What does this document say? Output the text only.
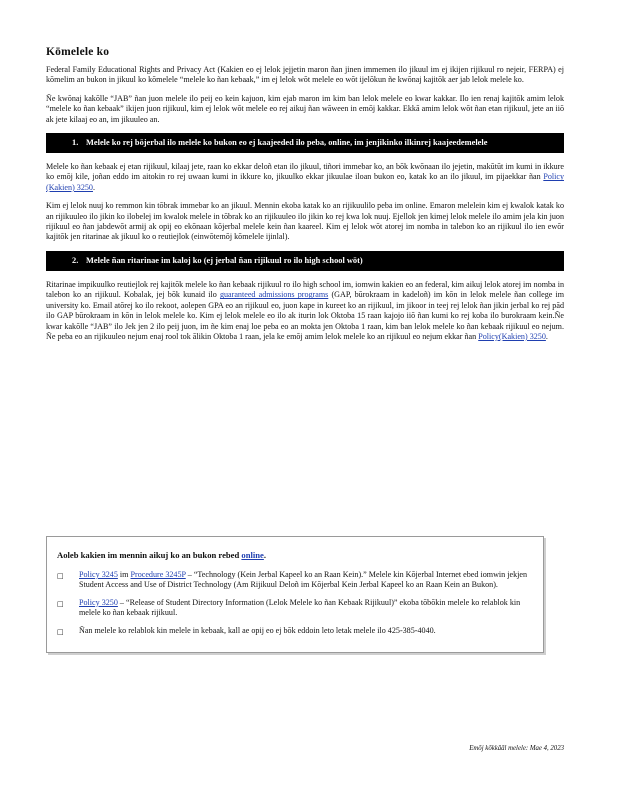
Kōmelele ko

Federal Family Educational Rights and Privacy Act (Kakien eo ej lelok jejjetin maron ñan jinen immemen ilo jikuul im ej ikijen rijikuul ro nejeir, FERPA) ej kōmelim an bukon in jikuul ko kōmelele “melele ko ñan kebaak,” im ej lelok wōt melele eo wōt ijelōkun ñe kwōnaj kajitōk aer jab lelok melele ko.

Ñe kwōnaj kakōlle “JAB” ñan juon melele ilo peij eo kein kajuon, kim ejab maron im kim ban lelok melele eo kwar kakkar. Ilo ien renaj kajitōk amim lelok “melele ko ñan kebaak” ikijen juon rijikuul, kim ej lelok wōt melele eo rej aikuj ñan wāween in emōj kakkar. Ekkā amim lelok wōt ñan etan rijikuul, jete an iiō ak jete kilaaj eo an, im jikuuleo an.

1. Melele ko rej bōjerbal ilo melele ko bukon eo ej kaajeeded ilo peba, online, im jenjikinko ilkinrej kaajeedemelele

Melele ko ñan kebaak ej etan rijikuul, kilaaj jete, raan ko ekkar deloñ etan ilo jikuul, tiñori immebar ko, an bōk kwōnaan ilo jejetin, makūtūt im kumi in ikkure ko emōj kile, joñan eddo im aitokin ro rej uwaan kumi in ikkure ko, jikuulko ekkar jikuulae iloan bukon eo, katak ko an ilo jikuul, im pijaekkar ñan Policy (Kakien) 3250.

Kim ej lelok nuuj ko remmon kin tōbrak immebar ko an jikuul. Mennin ekoba katak ko an rijikuulilo peba im online. Emaron melelein kim ej kwalok katak ko an rijikuuleo ilo jikin ko ilobelej im kwalok melele in tōbrak ko an rijikuuleo ilo jikin ko rej kwa lok nuuj. Ejellok jen kimej lelok melele ilo amim jela kin juon rijikuul eo ñan jabdewōt armij ak opij eo ekōnaan kōjerbal melele kein ñan kaareel. Kim ej lelok wōt atorej im nomba in talebon ko an rijikuul ilo ien ewōr kajitōk jen ritarinae ak jikuul ko o reutiejlok (einwōtemōj kōmelele ijinlal).

2. Melele ñan ritarinae im kaloj ko (ej jerbal ñan rijikuul ro ilo high school wōt)

Ritarinae impikuulko reutiejlok rej kajitōk melele ko ñan kebaak rijikuul ro ilo high school im, iomwin kakien eo an federal, kim aikuj lelok atorej im nomba in talebon ko an rijikuul. Kobalak, jej bōk kunaid ilo guaranteed admissions programs (GAP, būrokraam in kadeloñ) im kōn in lelok melele ñan college im university ko. Email atōrej ko ilo rekoot, aolepen GPA eo an rijikuul eo, juon kape in kureet ko an rijikuul, im jikoor in teej rej lelok ñan jikin jerbal ko rej pād ilo GAP būrokraam in kōn in lelok melele ko. Kim ej lelok melele eo ilo ak iturin lok Oktoba 15 raan kajojo iiō ñan kumi ko rej koba ilo burokraam kein.Ñe kwar kakōlle “JAB” ilo Jek jen 2 ilo peij juon, im ñe kim enaj loe peba eo an mokta jen Oktoba 1 raan, kim ban lelok melele ko ñan kebaak rijikuul eo nejum. Ñe peba eo an rijikuuleo nejum enaj rool tok ālikin Oktoba 1 raan, jela ke emōj amim lelok melele ko an rijikuul eo nejum ekkar ñan Policy(Kakien) 3250.

Aoleb kakien im mennin aikuj ko an bukon rebed online.
□	Policy 3245 im Procedure 3245P – “Technology (Kein Jerbal Kapeel ko an Raan Kein).” Melele kin Kōjerbal Internet ebed iomwin jekjen Student Access and Use of District Technology (Am Rijikuul Deloñ im Kōjerbal Kein Jerbal Kapeel ko an Raan Kein an Bukon).
□	Policy 3250 – “Release of Student Directory Information (Lelok Melele ko ñan Kebaak Rijikuul)” ekoba tōbōkin melele ko relablok kin melele ko ñan kebaak rijikuul.
□	Ñan melele ko relablok kin melele in kebaak, kall ae opij eo ej bōk eddoin leto letak melele ilo 425-385-4040.
Emōj kōkkāāl melele: Mae 4, 2023
